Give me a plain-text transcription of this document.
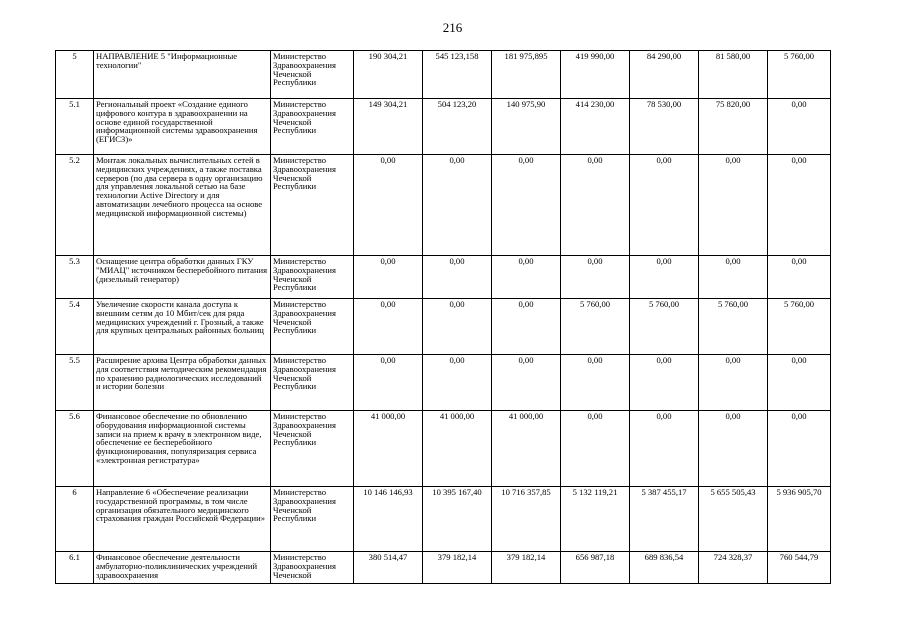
216
5	НАПРАВЛЕНИЕ 5 "Информационные технологии"	Министерство Здравоохранения Чеченской Республики	190 304,21	545 123,158	181 975,895	419 990,00	84 290,00	81 580,00	5 760,00
5.1	Региональный проект «Создание единого цифрового контура в здравоохранении на основе единой государственной информационной системы здравоохранения (ЕГИСЗ)»	Министерство Здравоохранения Чеченской Республики	149 304,21	504 123,20	140 975,90	414 230,00	78 530,00	75 820,00	0,00
5.2	Монтаж локальных вычислительных сетей в медицинских учреждениях, а также поставка серверов (по два сервера в одну организацию для управления локальной сетью на базе технологии Active Directory и для автоматизации лечебного процесса на основе медицинской информационной системы)	Министерство Здравоохранения Чеченской Республики	0,00	0,00	0,00	0,00	0,00	0,00	0,00
5.3	Оснащение центра обработки данных ГКУ "МИАЦ" источником бесперебойного питания (дизельный генератор)	Министерство Здравоохранения Чеченской Республики	0,00	0,00	0,00	0,00	0,00	0,00	0,00
5.4	Увеличение скорости канала доступа к внешним сетям до 10 Мбит/сек для ряда медицинских учреждений г. Грозный, а также для крупных центральных районных больниц	Министерство Здравоохранения Чеченской Республики	0,00	0,00	0,00	5 760,00	5 760,00	5 760,00	5 760,00
5.5	Расширение архива Центра обработки данных для соответствия методическим рекомендация по хранению радиологических исследований и истории болезни	Министерство Здравоохранения Чеченской Республики	0,00	0,00	0,00	0,00	0,00	0,00	0,00
5.6	Финансовое обеспечение по обновлению оборудования информационной системы записи на прием к врачу в электронном виде, обеспечение ее бесперебойного функционирования, популяризация сервиса «электронная регистратура»	Министерство Здравоохранения Чеченской Республики	41 000,00	41 000,00	41 000,00	0,00	0,00	0,00	0,00
6	Направление 6 «Обеспечение реализации государственной программы, в том числе организация обязательного медицинского страхования граждан Российской Федерации»	Министерство Здравоохранения Чеченской Республики	10 146 146,93	10 395 167,40	10 716 357,85	5 132 119,21	5 387 455,17	5 655 505,43	5 936 905,70
6.1	Финансовое обеспечение деятельности амбулаторно-поликлинических учреждений здравоохранения	Министерство Здравоохранения Чеченской	380 514,47	379 182,14	379 182,14	656 987,18	689 836,54	724 328,37	760 544,79
